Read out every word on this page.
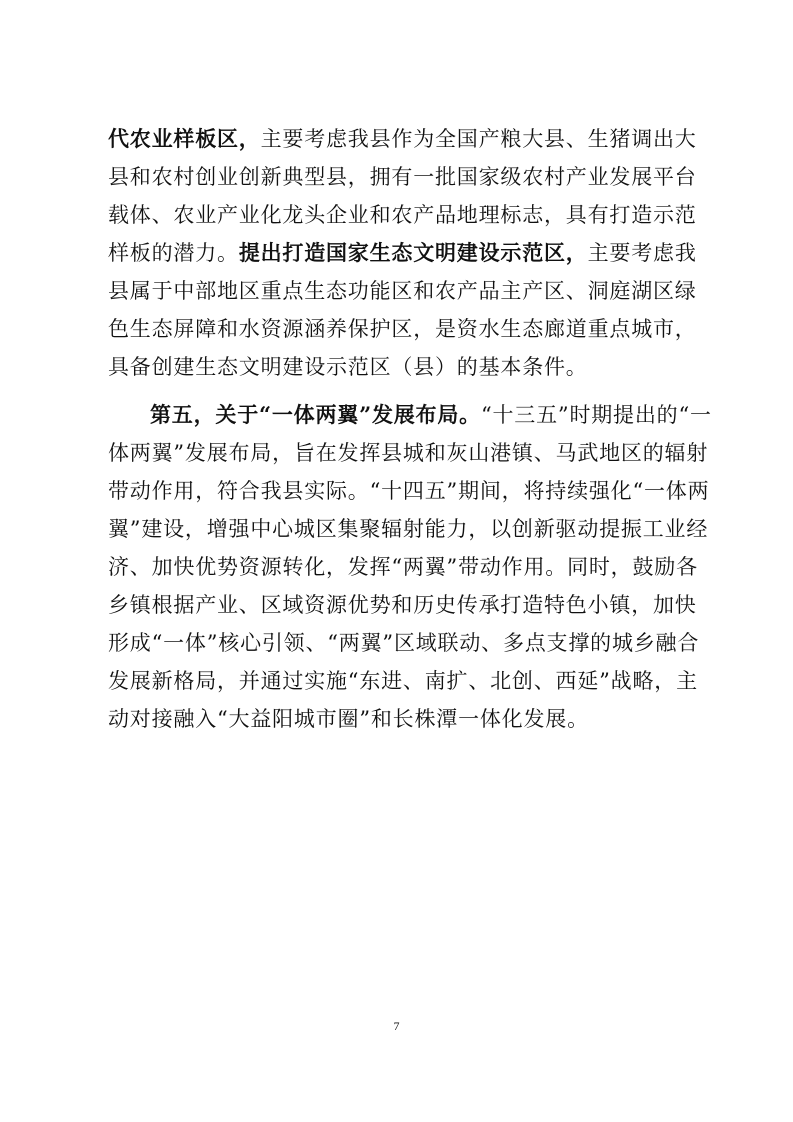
代农业样板区，主要考虑我县作为全国产粮大县、生猪调出大
县和农村创业创新典型县，拥有一批国家级农村产业发展平台
载体、农业产业化龙头企业和农产品地理标志，具有打造示范
样板的潜力。提出打造国家生态文明建设示范区，主要考虑我
县属于中部地区重点生态功能区和农产品主产区、洞庭湖区绿
色生态屏障和水资源涵养保护区，是资水生态廊道重点城市，
具备创建生态文明建设示范区（县）的基本条件。
第五，关于“一体两翼”发展布局。“十三五”时期提出的“一
体两翼”发展布局，旨在发挥县城和灰山港镇、马武地区的辐射
带动作用，符合我县实际。“十四五”期间，将持续强化“一体两
翼”建设，增强中心城区集聚辐射能力，以创新驱动提振工业经
济、加快优势资源转化，发挥“两翼”带动作用。同时，鼓励各
乡镇根据产业、区域资源优势和历史传承打造特色小镇，加快
形成“一体”核心引领、“两翼”区域联动、多点支撑的城乡融合
发展新格局，并通过实施“东进、南扩、北创、西延”战略，主
动对接融入“大益阳城市圈”和长株潭一体化发展。
7
